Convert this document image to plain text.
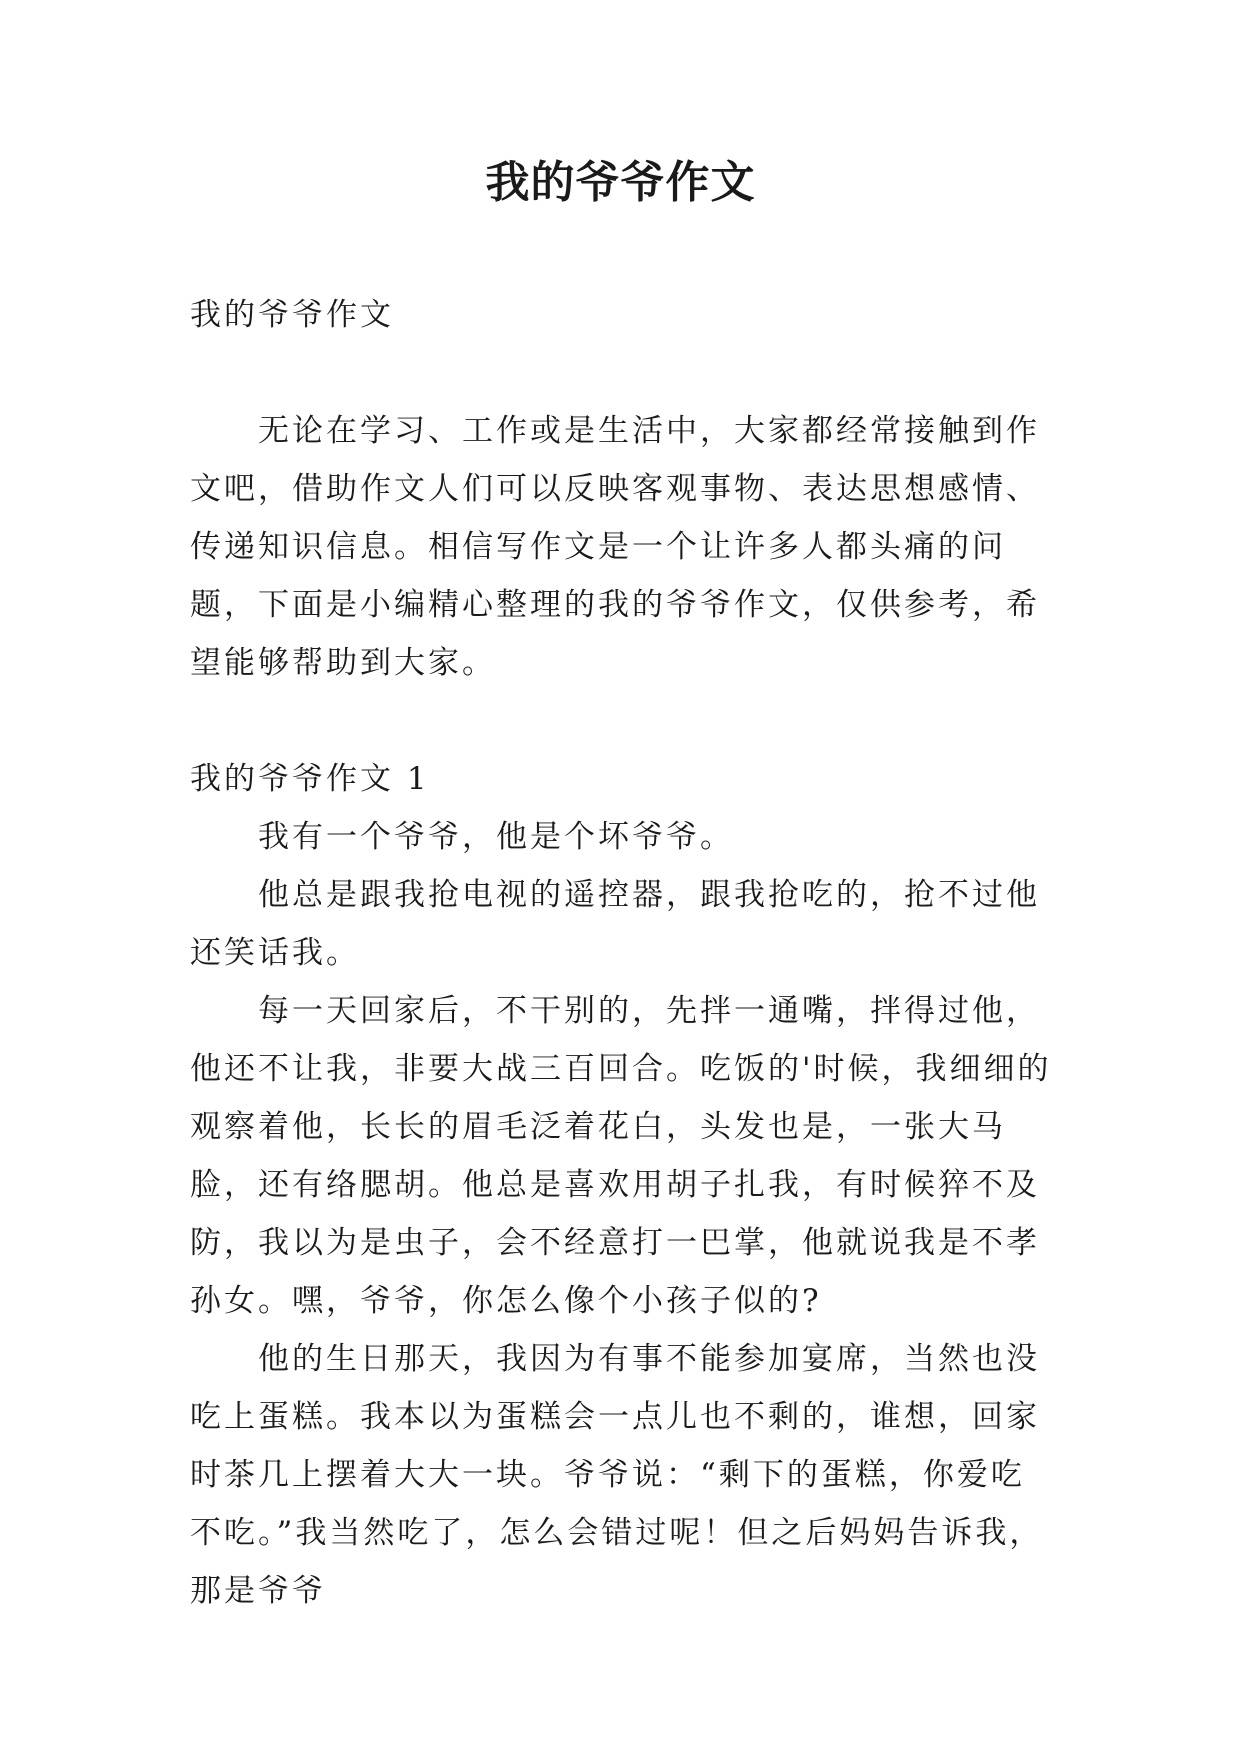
我的爷爷作文

我的爷爷作文

无论在学习、工作或是生活中，大家都经常接触到作文吧，借助作文人们可以反映客观事物、表达思想感情、传递知识信息。相信写作文是一个让许多人都头痛的问题，下面是小编精心整理的我的爷爷作文，仅供参考，希望能够帮助到大家。

我的爷爷作文 1

我有一个爷爷，他是个坏爷爷。

他总是跟我抢电视的遥控器，跟我抢吃的，抢不过他还笑话我。

每一天回家后，不干别的，先拌一通嘴，拌得过他，他还不让我，非要大战三百回合。吃饭的'时候，我细细的观察着他，长长的眉毛泛着花白，头发也是，一张大马脸，还有络腮胡。他总是喜欢用胡子扎我，有时候猝不及防，我以为是虫子，会不经意打一巴掌，他就说我是不孝孙女。嘿，爷爷，你怎么像个小孩子似的?

他的生日那天，我因为有事不能参加宴席，当然也没吃上蛋糕。我本以为蛋糕会一点儿也不剩的，谁想，回家时茶几上摆着大大一块。爷爷说：“剩下的蛋糕，你爱吃不吃。”我当然吃了，怎么会错过呢！但之后妈妈告诉我，那是爷爷
